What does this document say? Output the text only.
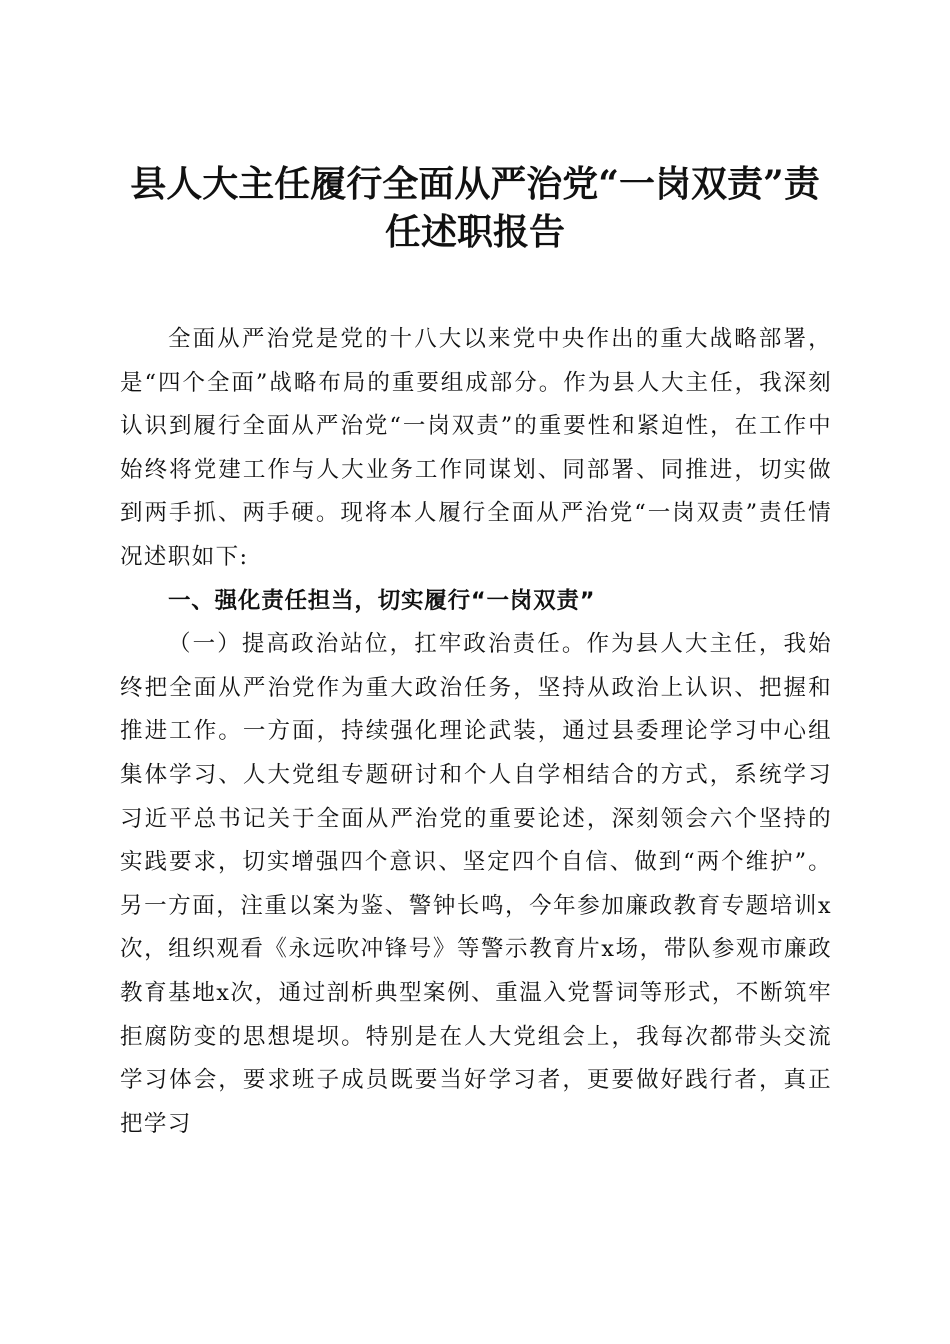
县人大主任履行全面从严治党“一岗双责”责
任述职报告

全面从严治党是党的十八大以来党中央作出的重大战略部署，是“四个全面”战略布局的重要组成部分。作为县人大主任，我深刻认识到履行全面从严治党“一岗双责”的重要性和紧迫性，在工作中始终将党建工作与人大业务工作同谋划、同部署、同推进，切实做到两手抓、两手硬。现将本人履行全面从严治党“一岗双责”责任情况述职如下:

一、强化责任担当，切实履行“一岗双责”

（一）提高政治站位，扛牢政治责任。作为县人大主任，我始终把全面从严治党作为重大政治任务，坚持从政治上认识、把握和推进工作。一方面，持续强化理论武装，通过县委理论学习中心组集体学习、人大党组专题研讨和个人自学相结合的方式，系统学习习近平总书记关于全面从严治党的重要论述，深刻领会六个坚持的实践要求，切实增强四个意识、坚定四个自信、做到“两个维护”。另一方面，注重以案为鉴、警钟长鸣，今年参加廉政教育专题培训x次，组织观看《永远吹冲锋号》等警示教育片x场，带队参观市廉政教育基地x次，通过剖析典型案例、重温入党誓词等形式，不断筑牢拒腐防变的思想堤坝。特别是在人大党组会上，我每次都带头交流学习体会，要求班子成员既要当好学习者，更要做好践行者，真正把学习
